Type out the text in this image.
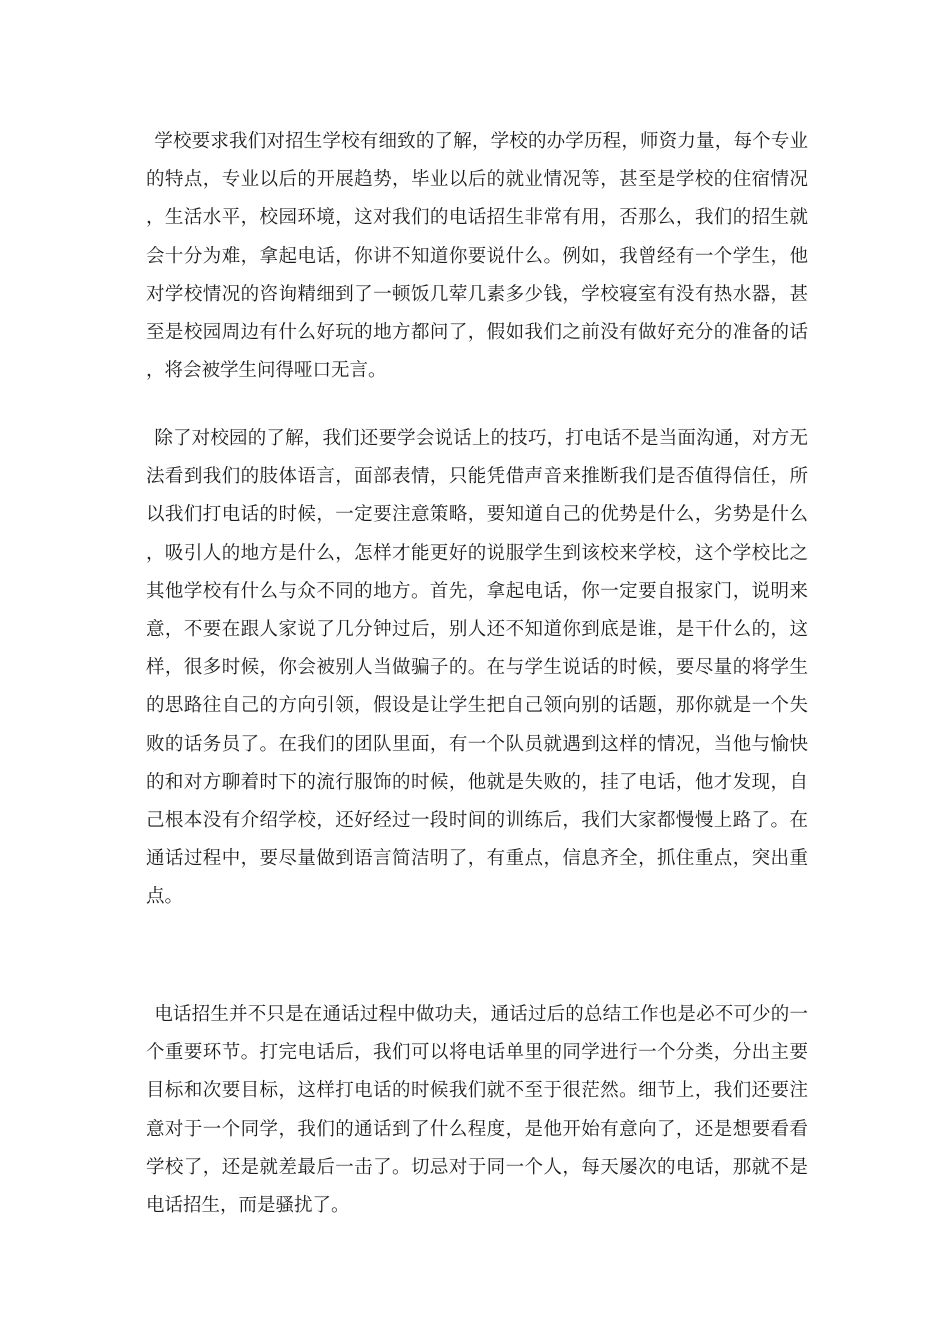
学校要求我们对招生学校有细致的了解，学校的办学历程，师资力量，每个专业的特点，专业以后的开展趋势，毕业以后的就业情况等，甚至是学校的住宿情况，生活水平，校园环境，这对我们的电话招生非常有用，否那么，我们的招生就会十分为难，拿起电话，你讲不知道你要说什么。例如，我曾经有一个学生，他对学校情况的咨询精细到了一顿饭几荤几素多少钱，学校寝室有没有热水器，甚至是校园周边有什么好玩的地方都问了，假如我们之前没有做好充分的准备的话，将会被学生问得哑口无言。

除了对校园的了解，我们还要学会说话上的技巧，打电话不是当面沟通，对方无法看到我们的肢体语言，面部表情，只能凭借声音来推断我们是否值得信任，所以我们打电话的时候，一定要注意策略，要知道自己的优势是什么，劣势是什么，吸引人的地方是什么，怎样才能更好的说服学生到该校来学校，这个学校比之其他学校有什么与众不同的地方。首先，拿起电话，你一定要自报家门，说明来意，不要在跟人家说了几分钟过后，别人还不知道你到底是谁，是干什么的，这样，很多时候，你会被别人当做骗子的。在与学生说话的时候，要尽量的将学生的思路往自己的方向引领，假设是让学生把自己领向别的话题，那你就是一个失败的话务员了。在我们的团队里面，有一个队员就遇到这样的情况，当他与愉快的和对方聊着时下的流行服饰的时候，他就是失败的，挂了电话，他才发现，自己根本没有介绍学校，还好经过一段时间的训练后，我们大家都慢慢上路了。在通话过程中，要尽量做到语言简洁明了，有重点，信息齐全，抓住重点，突出重点。

电话招生并不只是在通话过程中做功夫，通话过后的总结工作也是必不可少的一个重要环节。打完电话后，我们可以将电话单里的同学进行一个分类，分出主要目标和次要目标，这样打电话的时候我们就不至于很茫然。细节上，我们还要注意对于一个同学，我们的通话到了什么程度，是他开始有意向了，还是想要看看学校了，还是就差最后一击了。切忌对于同一个人，每天屡次的电话，那就不是电话招生，而是骚扰了。
